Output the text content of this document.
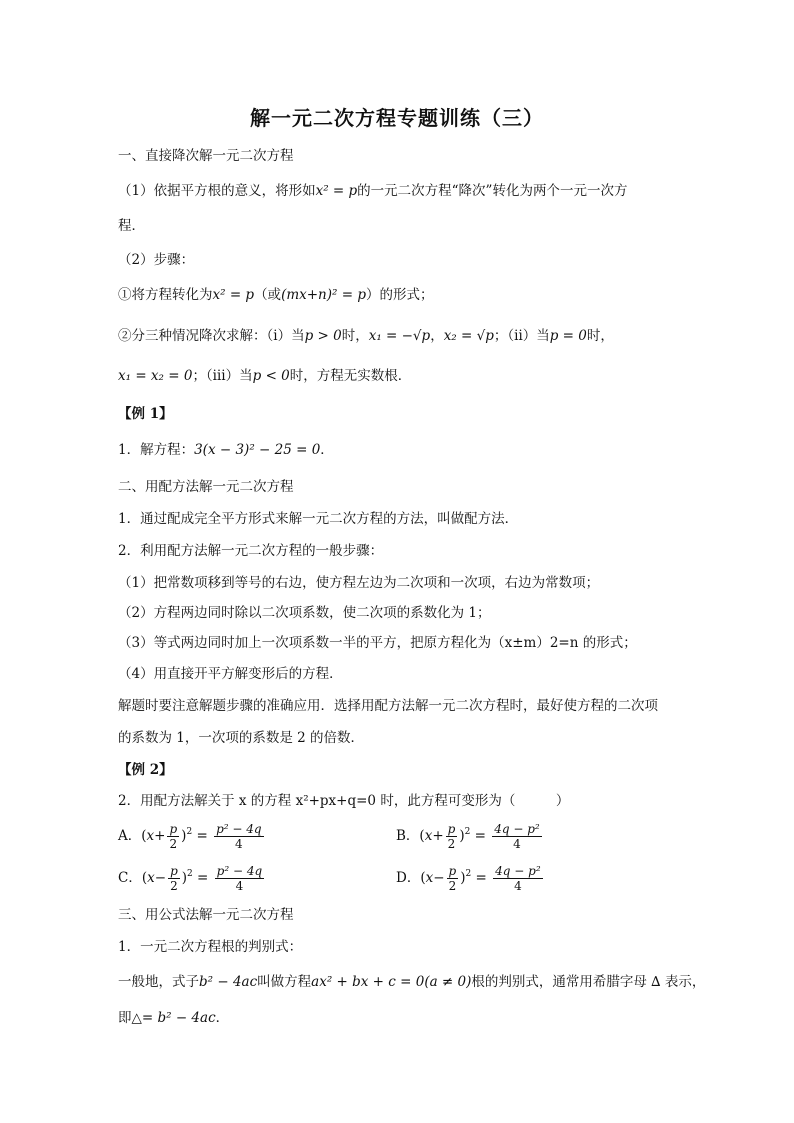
解一元二次方程专题训练（三）
一、直接降次解一元二次方程
（1）依据平方根的意义，将形如x² = p的一元二次方程“降次”转化为两个一元一次方
程．
（2）步骤：
①将方程转化为x² = p（或(mx+n)² = p）的形式；
②分三种情况降次求解：（ⅰ）当p > 0时，x₁ = −√p，x₂ = √p；（ⅱ）当p = 0时，
x₁ = x₂ = 0；（ⅲ）当p < 0时，方程无实数根．
【例 1】
1．解方程：3(x − 3)² − 25 = 0．
二、用配方法解一元二次方程
1．通过配成完全平方形式来解一元二次方程的方法，叫做配方法．
2．利用配方法解一元二次方程的一般步骤：
（1）把常数项移到等号的右边，使方程左边为二次项和一次项，右边为常数项；
（2）方程两边同时除以二次项系数，使二次项的系数化为 1；
（3）等式两边同时加上一次项系数一半的平方，把原方程化为（x±m）2=n 的形式；
（4）用直接开平方解变形后的方程．
解题时要注意解题步骤的准确应用．选择用配方法解一元二次方程时，最好使方程的二次项
的系数为 1，一次项的系数是 2 的倍数．
【例 2】
2．用配方法解关于 x 的方程 x²+px+q=0 时，此方程可变形为（　　　）
A．$(x+ \frac{p}{2} )^2 = \frac{\text{p² − 4q}}{4}$	B．$(x+ \frac{p}{2} )^2 = \frac{\text{4q − p²}}{4}$
C．$(x- \frac{p}{2} )^2 = \frac{\text{p² − 4q}}{4}$	D．$(x- \frac{p}{2} )^2 = \frac{\text{4q − p²}}{4}$
三、用公式法解一元二次方程
1．一元二次方程根的判别式：
一般地，式子b² − 4ac叫做方程ax² + bx + c = 0(a ≠ 0)根的判别式，通常用希腊字母 ∆ 表示，
即△= b² − 4ac．
